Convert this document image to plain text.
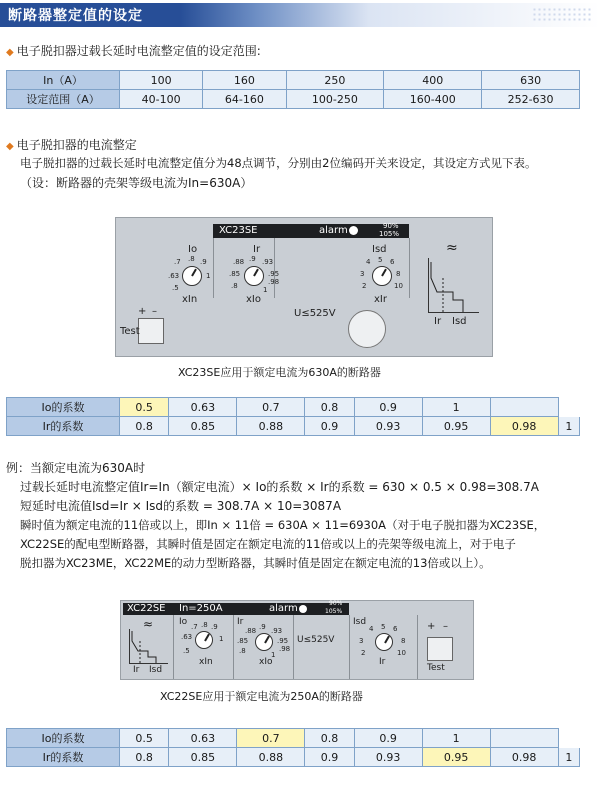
断路器整定值的设定
◆ 电子脱扣器过载长延时电流整定值的设定范围:
In（A）	100	160	250	400	630
设定范围（A）	40-100	64-160	100-250	160-400	252-630
◆ 电子脱扣器的电流整定
电子脱扣器的过载长延时电流整定值分为48点调节，分别由2位编码开关来设定，其设定方式见下表。
（设：断路器的壳架等级电流为In=630A）
XC23SE	alarm	90%
105%
Io
.7 .8 .9
.63	1
.5
xIn
Ir
.88 .9 .93
.85	.95
.8	.98
1
xIo
Isd
4 5 6
3	8
2	10
xIr
U≤525V
≈
Ir Isd
+ –
Test
XC23SE应用于额定电流为630A的断路器
Io的系数	0.5	0.63	0.7	0.8	0.9	1		
Ir的系数	0.8	0.85	0.88	0.9	0.93	0.95	0.98	1
例：当额定电流为630A时
过载长延时电流整定值Ir=In（额定电流）× Io的系数 × Ir的系数 = 630 × 0.5 × 0.98=308.7A
短延时电流值Isd=Ir × Isd的系数 = 308.7A × 10=3087A
瞬时值为额定电流的11倍或以上，即In × 11倍 = 630A × 11=6930A（对于电子脱扣器为XC23SE，
XC22SE的配电型断路器，其瞬时值是固定在额定电流的11倍或以上的壳架等级电流上，对于电子
脱扣器为XC23ME，XC22ME的动力型断路器，其瞬时值是固定在额定电流的13倍或以上）。
XC22SE In=250A	alarm	90%
105%
≈
Ir Isd
Io .7 .8 .9
.63	1
.5
xIn
Ir
.88 .9 .93
.85	.95
.8	.98
1
xIo
U≤525V
Isd
4 5 6
3	8
2	10
Ir
+ –
Test
XC22SE应用于额定电流为250A的断路器
Io的系数	0.5	0.63	0.7	0.8	0.9	1		
Ir的系数	0.8	0.85	0.88	0.9	0.93	0.95	0.98	1
